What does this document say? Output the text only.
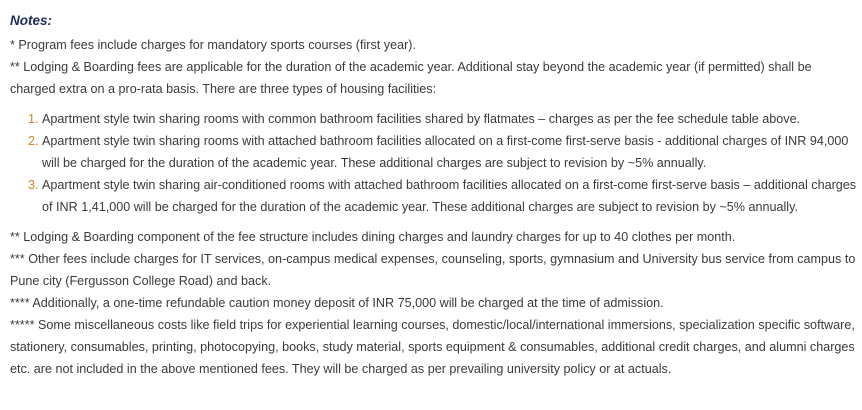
Notes:

* Program fees include charges for mandatory sports courses (first year).

** Lodging & Boarding fees are applicable for the duration of the academic year. Additional stay beyond the academic year (if permitted) shall be charged extra on a pro-rata basis. There are three types of housing facilities:

1. Apartment style twin sharing rooms with common bathroom facilities shared by flatmates – charges as per the fee schedule table above.
2. Apartment style twin sharing rooms with attached bathroom facilities allocated on a first-come first-serve basis - additional charges of INR 94,000 will be charged for the duration of the academic year. These additional charges are subject to revision by ~5% annually.
3. Apartment style twin sharing air-conditioned rooms with attached bathroom facilities allocated on a first-come first-serve basis – additional charges of INR 1,41,000 will be charged for the duration of the academic year. These additional charges are subject to revision by ~5% annually.

** Lodging & Boarding component of the fee structure includes dining charges and laundry charges for up to 40 clothes per month.

*** Other fees include charges for IT services, on-campus medical expenses, counseling, sports, gymnasium and University bus service from campus to Pune city (Fergusson College Road) and back.

**** Additionally, a one-time refundable caution money deposit of INR 75,000 will be charged at the time of admission.

***** Some miscellaneous costs like field trips for experiential learning courses, domestic/local/international immersions, specialization specific software, stationery, consumables, printing, photocopying, books, study material, sports equipment & consumables, additional credit charges, and alumni charges etc. are not included in the above mentioned fees. They will be charged as per prevailing university policy or at actuals.
